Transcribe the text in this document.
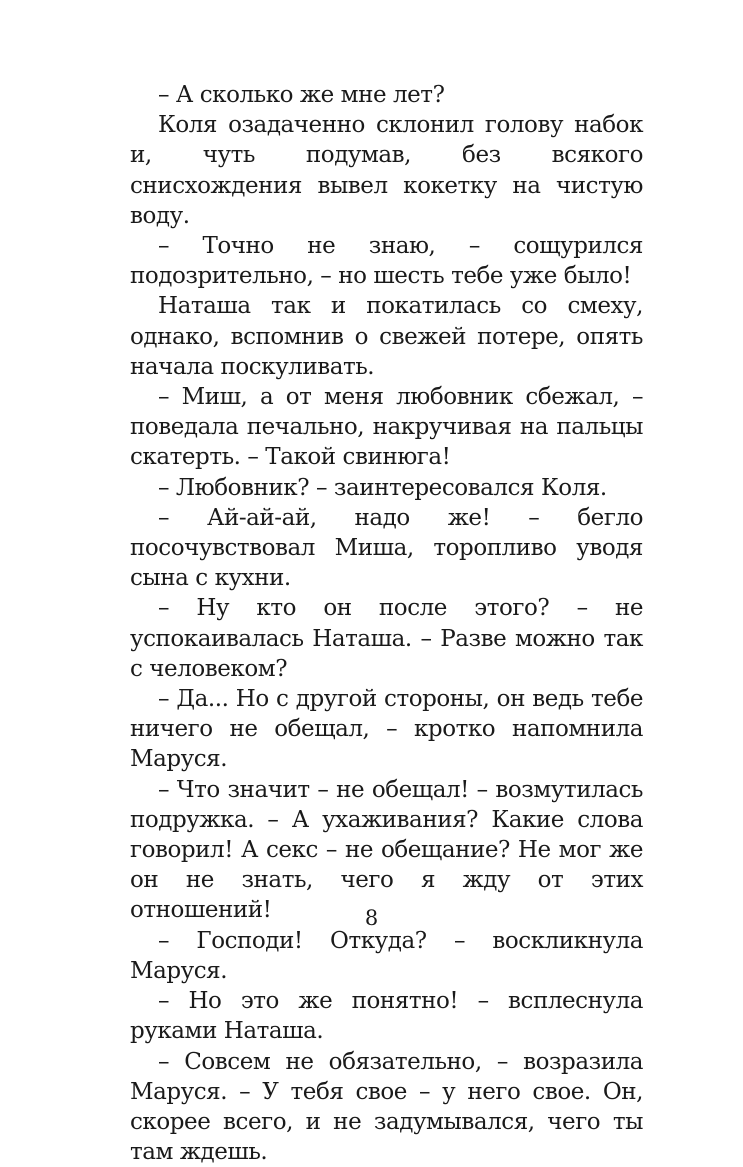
– А сколько же мне лет?

Коля озадаченно склонил голову набок и, чуть подумав, без всякого снисхождения вывел кокетку на чистую воду.

– Точно не знаю, – сощурился подозрительно, – но шесть тебе уже было!

Наташа так и покатилась со смеху, однако, вспомнив о свежей потере, опять начала поскуливать.

– Миш, а от меня любовник сбежал, – поведала печально, накручивая на пальцы скатерть. – Такой свинюга!

– Любовник? – заинтересовался Коля.

– Ай-ай-ай, надо же! – бегло посочувствовал Миша, торопливо уводя сына с кухни.

– Ну кто он после этого? – не успокаивалась Наташа. – Разве можно так с человеком?

– Да... Но с другой стороны, он ведь тебе ничего не обещал, – кротко напомнила Маруся.

– Что значит – не обещал! – возмутилась подружка. – А ухаживания? Какие слова говорил! А секс – не обещание? Не мог же он не знать, чего я жду от этих отношений!

– Господи! Откуда? – воскликнула Маруся.

– Но это же понятно! – всплеснула руками Наташа.

– Совсем не обязательно, – возразила Маруся. – У тебя свое – у него свое. Он, скорее всего, и не задумывался, чего ты там ждешь.

8
